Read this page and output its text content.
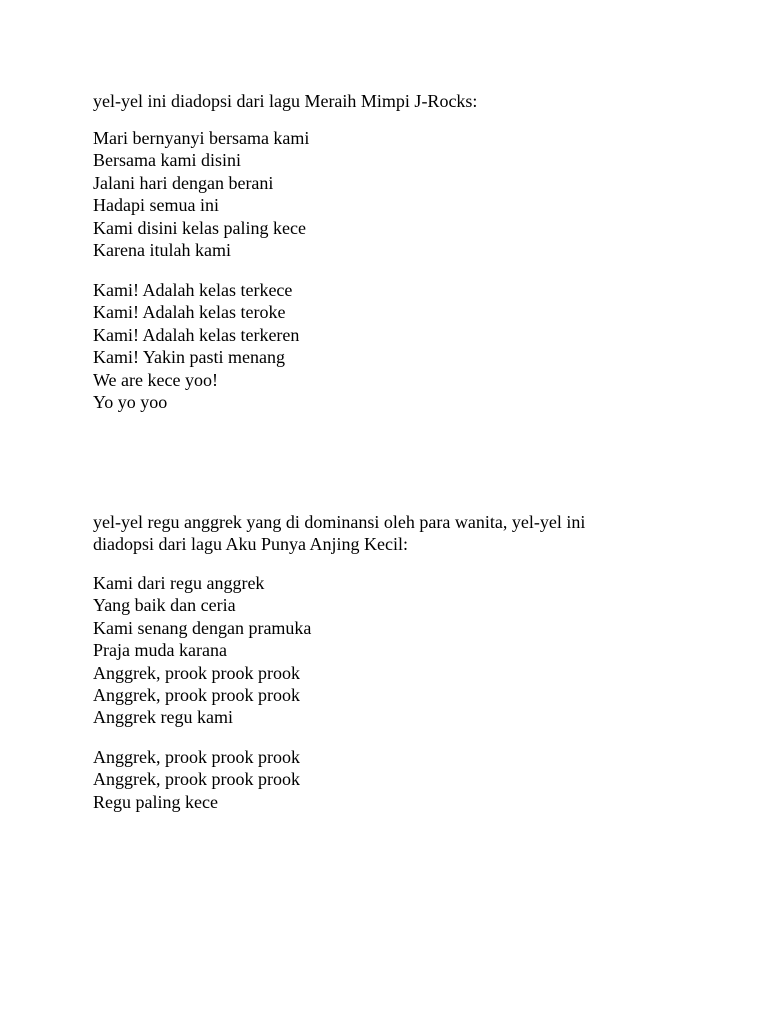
yel-yel ini diadopsi dari lagu Meraih Mimpi J-Rocks:

Mari bernyanyi bersama kami
Bersama kami disini
Jalani hari dengan berani
Hadapi semua ini
Kami disini kelas paling kece
Karena itulah kami

Kami! Adalah kelas terkece
Kami! Adalah kelas teroke
Kami! Adalah kelas terkeren
Kami! Yakin pasti menang
We are kece yoo!
Yo yo yoo

yel-yel regu anggrek yang di dominansi oleh para wanita, yel-yel ini
diadopsi dari lagu Aku Punya Anjing Kecil:

Kami dari regu anggrek
Yang baik dan ceria
Kami senang dengan pramuka
Praja muda karana
Anggrek, prook prook prook
Anggrek, prook prook prook
Anggrek regu kami

Anggrek, prook prook prook
Anggrek, prook prook prook
Regu paling kece
